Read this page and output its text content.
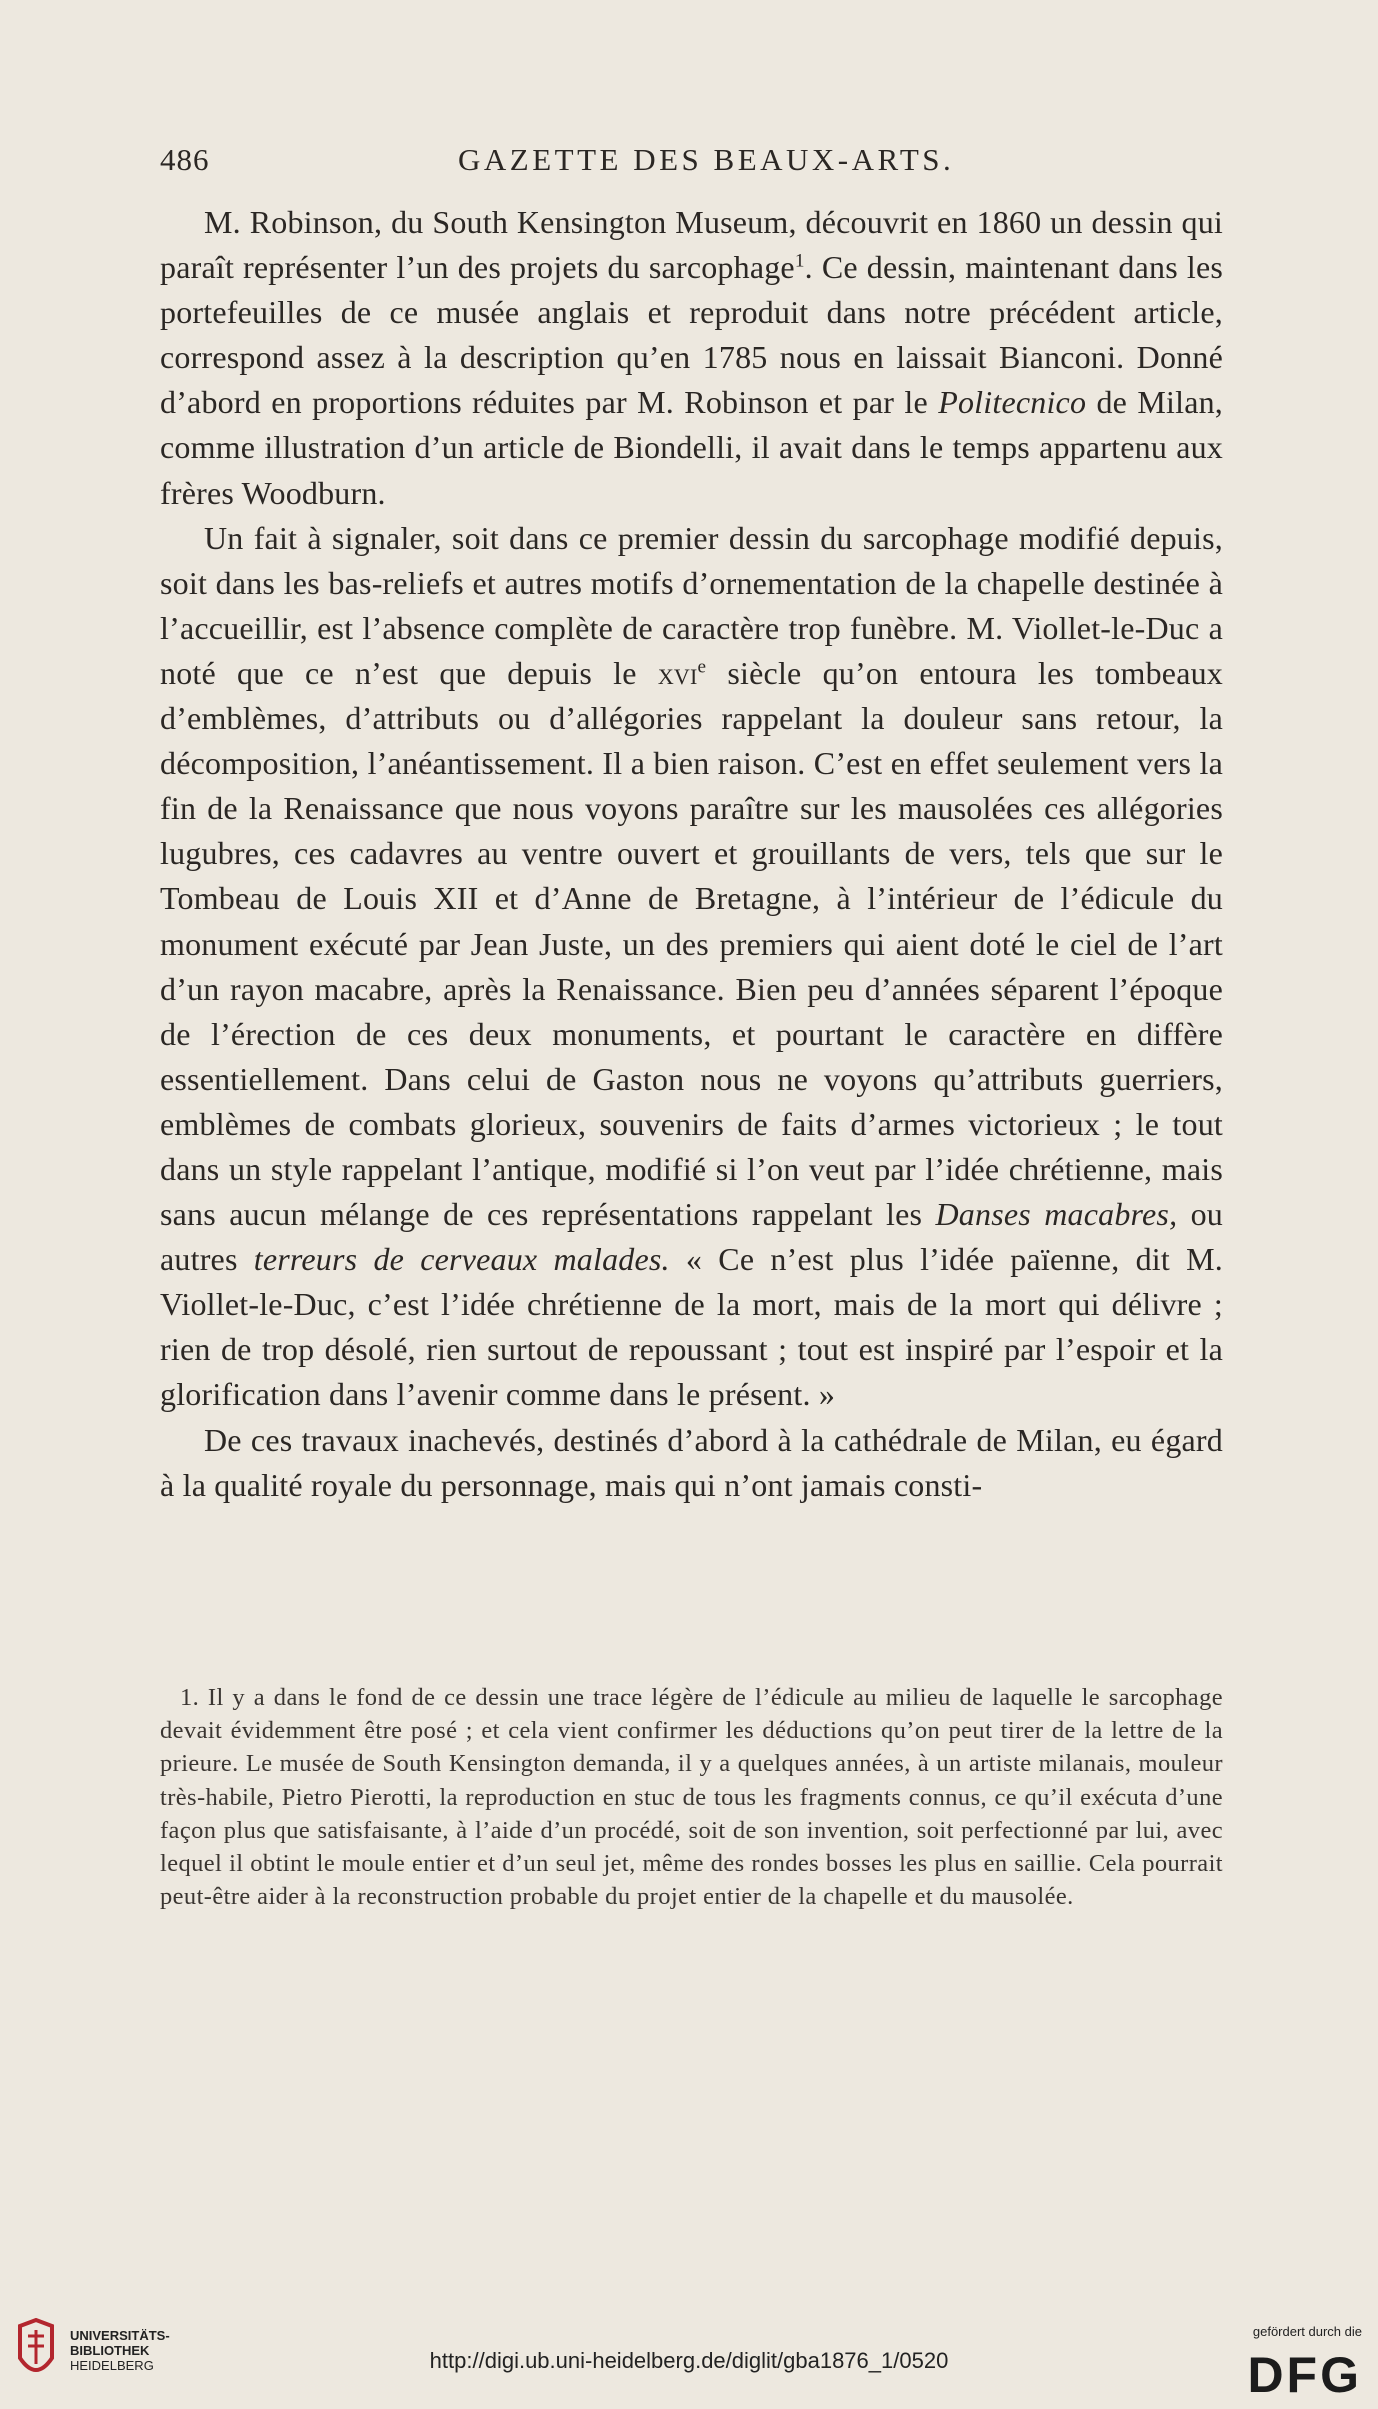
486	GAZETTE DES BEAUX-ARTS.

M. Robinson, du South Kensington Museum, découvrit en 1860 un dessin qui paraît représenter l’un des projets du sarcophage$^1$. Ce dessin, maintenant dans les portefeuilles de ce musée anglais et reproduit dans notre précédent article, correspond assez à la description qu’en 1785 nous en laissait Bianconi. Donné d’abord en proportions réduites par M. Robinson et par le Politecnico de Milan, comme illustration d’un article de Biondelli, il avait dans le temps appartenu aux frères Woodburn.

Un fait à signaler, soit dans ce premier dessin du sarcophage modifié depuis, soit dans les bas-reliefs et autres motifs d’ornementation de la chapelle destinée à l’accueillir, est l’absence complète de caractère trop funèbre. M. Viollet-le-Duc a noté que ce n’est que depuis le xvi$^e$ siècle qu’on entoura les tombeaux d’emblèmes, d’attributs ou d’allégories rappelant la douleur sans retour, la décomposition, l’anéantissement. Il a bien raison. C’est en effet seulement vers la fin de la Renaissance que nous voyons paraître sur les mausolées ces allégories lugubres, ces cadavres au ventre ouvert et grouillants de vers, tels que sur le Tombeau de Louis XII et d’Anne de Bretagne, à l’intérieur de l’édicule du monument exécuté par Jean Juste, un des premiers qui aient doté le ciel de l’art d’un rayon macabre, après la Renaissance. Bien peu d’années séparent l’époque de l’érection de ces deux monuments, et pourtant le caractère en diffère essentiellement. Dans celui de Gaston nous ne voyons qu’attributs guerriers, emblèmes de combats glorieux, souvenirs de faits d’armes victorieux ; le tout dans un style rappelant l’antique, modifié si l’on veut par l’idée chrétienne, mais sans aucun mélange de ces représentations rappelant les Danses macabres, ou autres terreurs de cerveaux malades. « Ce n’est plus l’idée païenne, dit M. Viollet-le-Duc, c’est l’idée chrétienne de la mort, mais de la mort qui délivre ; rien de trop désolé, rien surtout de repoussant ; tout est inspiré par l’espoir et la glorification dans l’avenir comme dans le présent. »

De ces travaux inachevés, destinés d’abord à la cathédrale de Milan, eu égard à la qualité royale du personnage, mais qui n’ont jamais consti-

1. Il y a dans le fond de ce dessin une trace légère de l’édicule au milieu de laquelle le sarcophage devait évidemment être posé ; et cela vient confirmer les déductions qu’on peut tirer de la lettre de la prieure. Le musée de South Kensington demanda, il y a quelques années, à un artiste milanais, mouleur très-habile, Pietro Pierotti, la reproduction en stuc de tous les fragments connus, ce qu’il exécuta d’une façon plus que satisfaisante, à l’aide d’un procédé, soit de son invention, soit perfectionné par lui, avec lequel il obtint le moule entier et d’un seul jet, même des rondes bosses les plus en saillie. Cela pourrait peut-être aider à la reconstruction probable du projet entier de la chapelle et du mausolée.

UNIVERSITÄTS-
BIBLIOTHEK
HEIDELBERG	http://digi.ub.uni-heidelberg.de/diglit/gba1876_1/0520
gefördert durch die
DFG
